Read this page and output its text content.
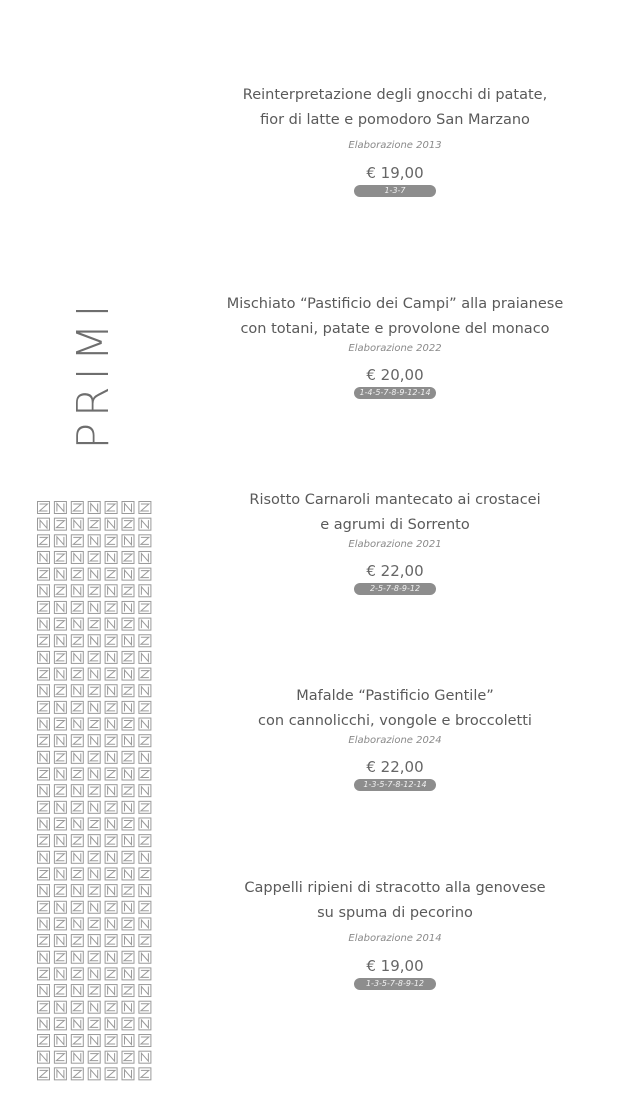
PRIMI
Reinterpretazione degli gnocchi di patate,
fior di latte e pomodoro San Marzano
Elaborazione 2013
€ 19,00
1-3-7
Mischiato “Pastificio dei Campi” alla praianese
con totani, patate e provolone del monaco
Elaborazione 2022
€ 20,00
1-4-5-7-8-9-12-14
Risotto Carnaroli mantecato ai crostacei
e agrumi di Sorrento
Elaborazione 2021
€ 22,00
2-5-7-8-9-12
Mafalde “Pastificio Gentile”
con cannolicchi, vongole e broccoletti
Elaborazione 2024
€ 22,00
1-3-5-7-8-12-14
Cappelli ripieni di stracotto alla genovese
su spuma di pecorino
Elaborazione 2014
€ 19,00
1-3-5-7-8-9-12
